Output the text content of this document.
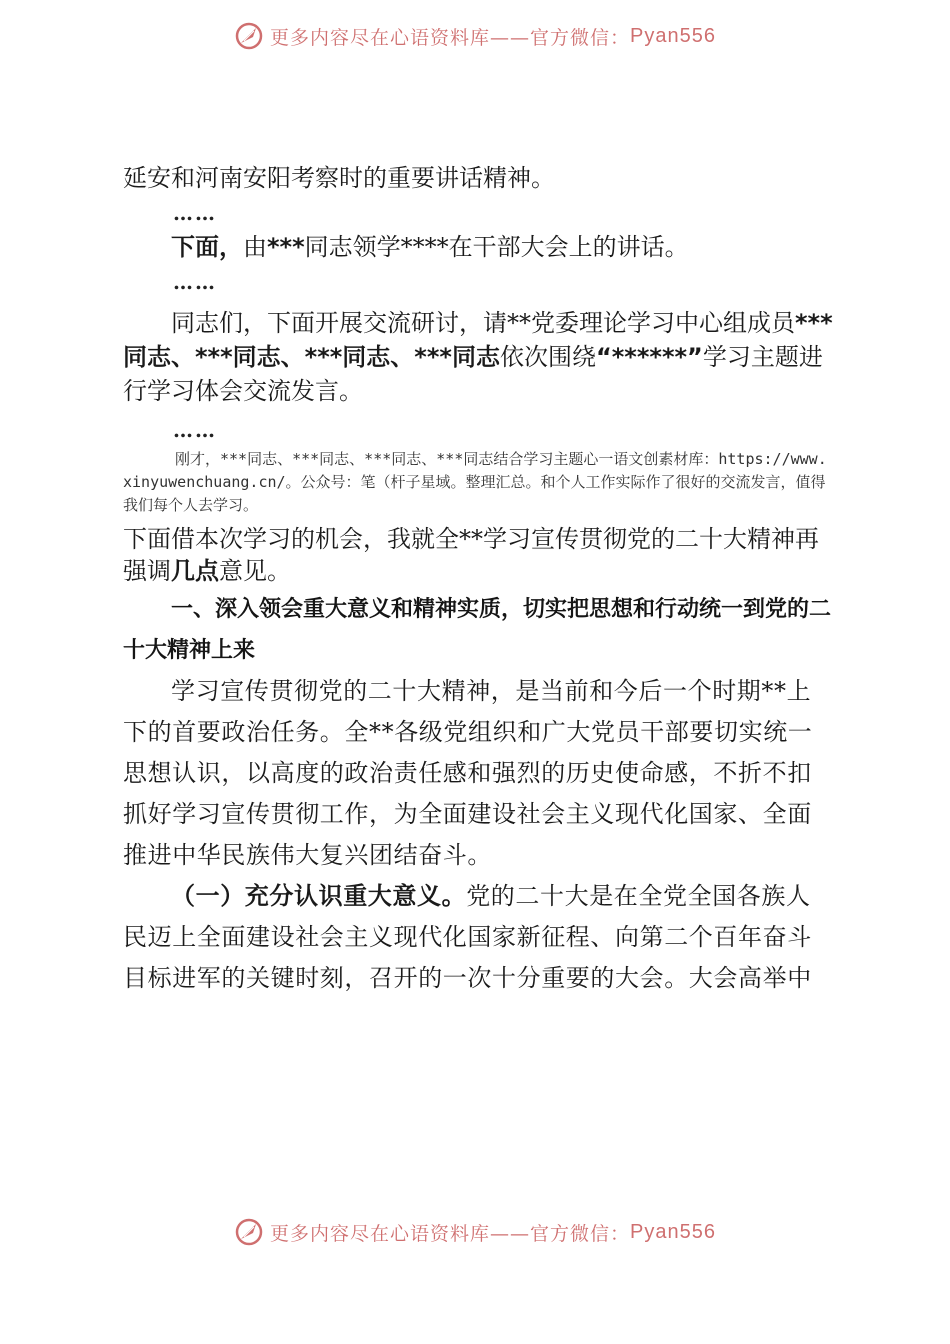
更多内容尽在心语资料库——官方微信： Pyan556

延安和河南安阳考察时的重要讲话精神。

……

下面，由***同志领学****在干部大会上的讲话。

……

同志们，下面开展交流研讨，请**党委理论学习中心组成员***同志、***同志、***同志、***同志依次围绕“******”学习主题进行学习体会交流发言。

……

刚才，***同志、***同志、***同志、***同志结合学习主题心一语文创素材库：https://www.xinyuwenchuang.cn/。公众号：笔（杆子星域。整理汇总。和个人工作实际作了很好的交流发言，值得我们每个人去学习。

下面借本次学习的机会，我就全**学习宣传贯彻党的二十大精神再强调几点意见。

一、深入领会重大意义和精神实质，切实把思想和行动统一到党的二十大精神上来

学习宣传贯彻党的二十大精神，是当前和今后一个时期**上下的首要政治任务。全**各级党组织和广大党员干部要切实统一思想认识，以高度的政治责任感和强烈的历史使命感，不折不扣抓好学习宣传贯彻工作，为全面建设社会主义现代化国家、全面推进中华民族伟大复兴团结奋斗。

（一）充分认识重大意义。党的二十大是在全党全国各族人民迈上全面建设社会主义现代化国家新征程、向第二个百年奋斗目标进军的关键时刻，召开的一次十分重要的大会。大会高举中

更多内容尽在心语资料库——官方微信： Pyan556
